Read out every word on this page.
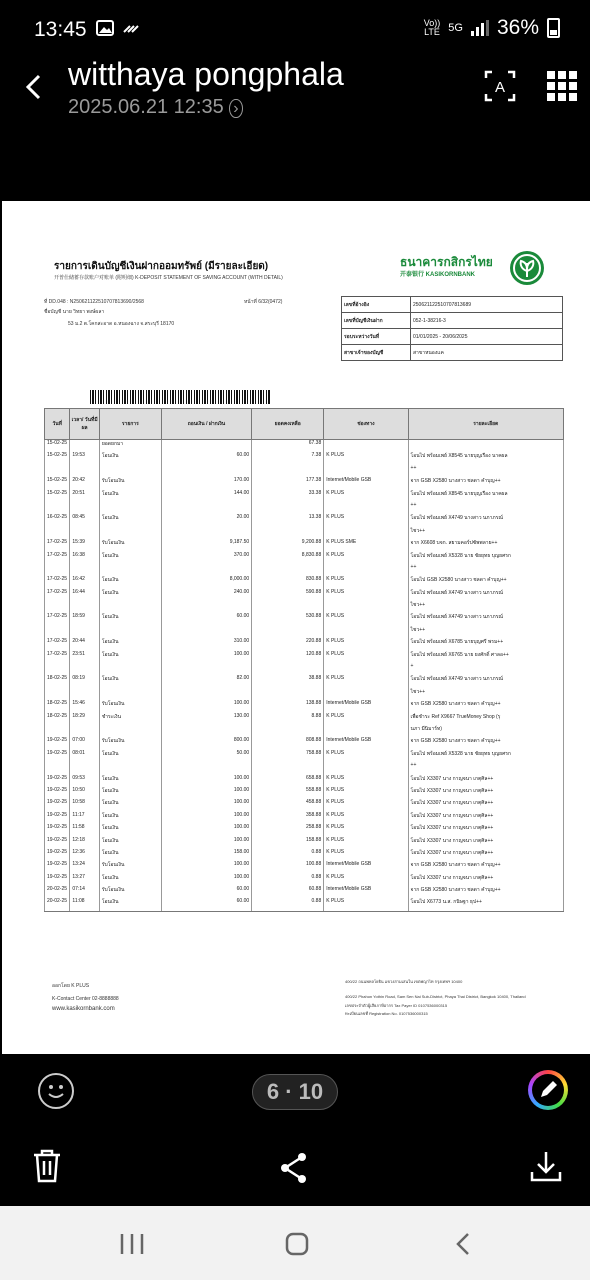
13:45	Vo))
LTE 5G 36%
witthaya pongphala
2025.06.21 12:35 ›
A
รายการเดินบัญชีเงินฝากออมทรัพย์ (มีรายละเอียด)
开普仕储蓄存款账户对账单 (附明细) K-DEPOSIT STATEMENT OF SAVING ACCOUNT (WITH DETAIL)
ธนาคารกสิกรไทย
开泰银行 KASIKORNBANK
ที่ DD.048 : N250621122510707813690/2568	หน้าที่ 6/32(0472)
ชื่อบัญชี นาย วิทยา พงษ์ผลา
53 ม.2 ต.โคกสะอาด อ.หนองฉาง จ.สระบุรี 18170
เลขที่อ้างอิง	250621122510707813689
เลขที่บัญชีเงินฝาก	052-1-38216-3
รอบระหว่างวันที่	01/01/2025 - 20/06/2025
สาขาเจ้าของบัญชี	สาขาหนองแค
วันที่	เวลา/ วันที่มีผล	รายการ	ถอนเงิน / ฝากเงิน	ยอดคงเหลือ	ช่องทาง	รายละเอียด
15-02-25		ยอดยกมา		67.38		
15-02-25	19:53	โอนเงิน	60.00	7.38	K PLUS	โอนไป พร้อมเพย์ X8545 นายบุญเรือง นาคผล
						++
15-02-25	20:42	รับโอนเงิน	170.00	177.38	Internet/Mobile GSB	จาก GSB X2580 นางสาว ชลดา คำบุญ++
15-02-25	20:51	โอนเงิน	144.00	33.38	K PLUS	โอนไป พร้อมเพย์ X8545 นายบุญเรือง นาคผล
						++
16-02-25	08:45	โอนเงิน	20.00	13.38	K PLUS	โอนไป พร้อมเพย์ X4749 นางสาว นภาภรณ์
						ไชว++
17-02-25	15:39	รับโอนเงิน	9,187.50	9,200.88	K PLUS SME	จาก X6608 บจก. สยามคอร์ปซัพพลาย++
17-02-25	16:38	โอนเงิน	370.00	8,830.88	K PLUS	โอนไป พร้อมเพย์ X5328 นาย ชัยยุทธ บุญยศรก
						++
17-02-25	16:42	โอนเงิน	8,000.00	830.88	K PLUS	โอนไป GSB X2580 นางสาว ชลดา คำบุญ++
17-02-25	16:44	โอนเงิน	240.00	590.88	K PLUS	โอนไป พร้อมเพย์ X4749 นางสาว นภาภรณ์
						ไชว++
17-02-25	18:59	โอนเงิน	60.00	530.88	K PLUS	โอนไป พร้อมเพย์ X4749 นางสาว นภาภรณ์
						ไชว++
17-02-25	20:44	โอนเงิน	310.00	220.88	K PLUS	โอนไป พร้อมเพย์ X6785 นายบุญศรี พรม++
17-02-25	23:51	โอนเงิน	100.00	120.88	K PLUS	โอนไป พร้อมเพย์ X6765 นาย ยงศักดิ์ ศาลอ++
						+
18-02-25	08:19	โอนเงิน	82.00	38.88	K PLUS	โอนไป พร้อมเพย์ X4749 นางสาว นภาภรณ์
						ไชว++
18-02-25	15:46	รับโอนเงิน	100.00	138.88	Internet/Mobile GSB	จาก GSB X2580 นางสาว ชลดา คำบุญ++
18-02-25	18:29	ชำระเงิน	130.00	8.88	K PLUS	เพื่อชำระ Ref X9667 TrueMoney Shop (รุ
						นภา มีนิมาร์ท)
19-02-25	07:00	รับโอนเงิน	800.00	808.88	Internet/Mobile GSB	จาก GSB X2580 นางสาว ชลดา คำบุญ++
19-02-25	08:01	โอนเงิน	50.00	758.88	K PLUS	โอนไป พร้อมเพย์ X5328 นาย ชัยยุทธ บุญยศรก
						++
19-02-25	09:53	โอนเงิน	100.00	658.88	K PLUS	โอนไป X3307 นาง กาญจนา เกตุศิล++
19-02-25	10:50	โอนเงิน	100.00	558.88	K PLUS	โอนไป X3307 นาง กาญจนา เกตุศิล++
19-02-25	10:58	โอนเงิน	100.00	458.88	K PLUS	โอนไป X3307 นาง กาญจนา เกตุศิล++
19-02-25	11:17	โอนเงิน	100.00	358.88	K PLUS	โอนไป X3307 นาง กาญจนา เกตุศิล++
19-02-25	11:58	โอนเงิน	100.00	258.88	K PLUS	โอนไป X3307 นาง กาญจนา เกตุศิล++
19-02-25	12:18	โอนเงิน	100.00	158.88	K PLUS	โอนไป X3307 นาง กาญจนา เกตุศิล++
19-02-25	12:36	โอนเงิน	158.00	0.88	K PLUS	โอนไป X3307 นาง กาญจนา เกตุศิล++
19-02-25	13:24	รับโอนเงิน	100.00	100.88	Internet/Mobile GSB	จาก GSB X2580 นางสาว ชลดา คำบุญ++
19-02-25	13:27	โอนเงิน	100.00	0.88	K PLUS	โอนไป X3307 นาง กาญจนา เกตุศิล++
20-02-25	07:14	รับโอนเงิน	60.00	60.88	Internet/Mobile GSB	จาก GSB X2580 นางสาว ชลดา คำบุญ++
20-02-25	11:08	โอนเงิน	60.00	0.88	K PLUS	โอนไป X6773 น.ส. กนิษฐา ธุป++
ออกโดย K PLUS
K-Contact Center 02-8888888
www.kasikornbank.com
400/22 ถนนพหลโยธิน แขวงสามเสนใน เขตพญาไท กรุงเทพฯ 10400
400/22 Phahon Yothin Road, Sam Sen Nai Sub-District, Phaya Thai District, Bangkok 10400, Thailand
เลขประจำตัวผู้เสียภาษีอากร Tax Payer ID 0107536000315
ทะเบียนเลขที่ Registration No. 0107536000315
6 · 10
